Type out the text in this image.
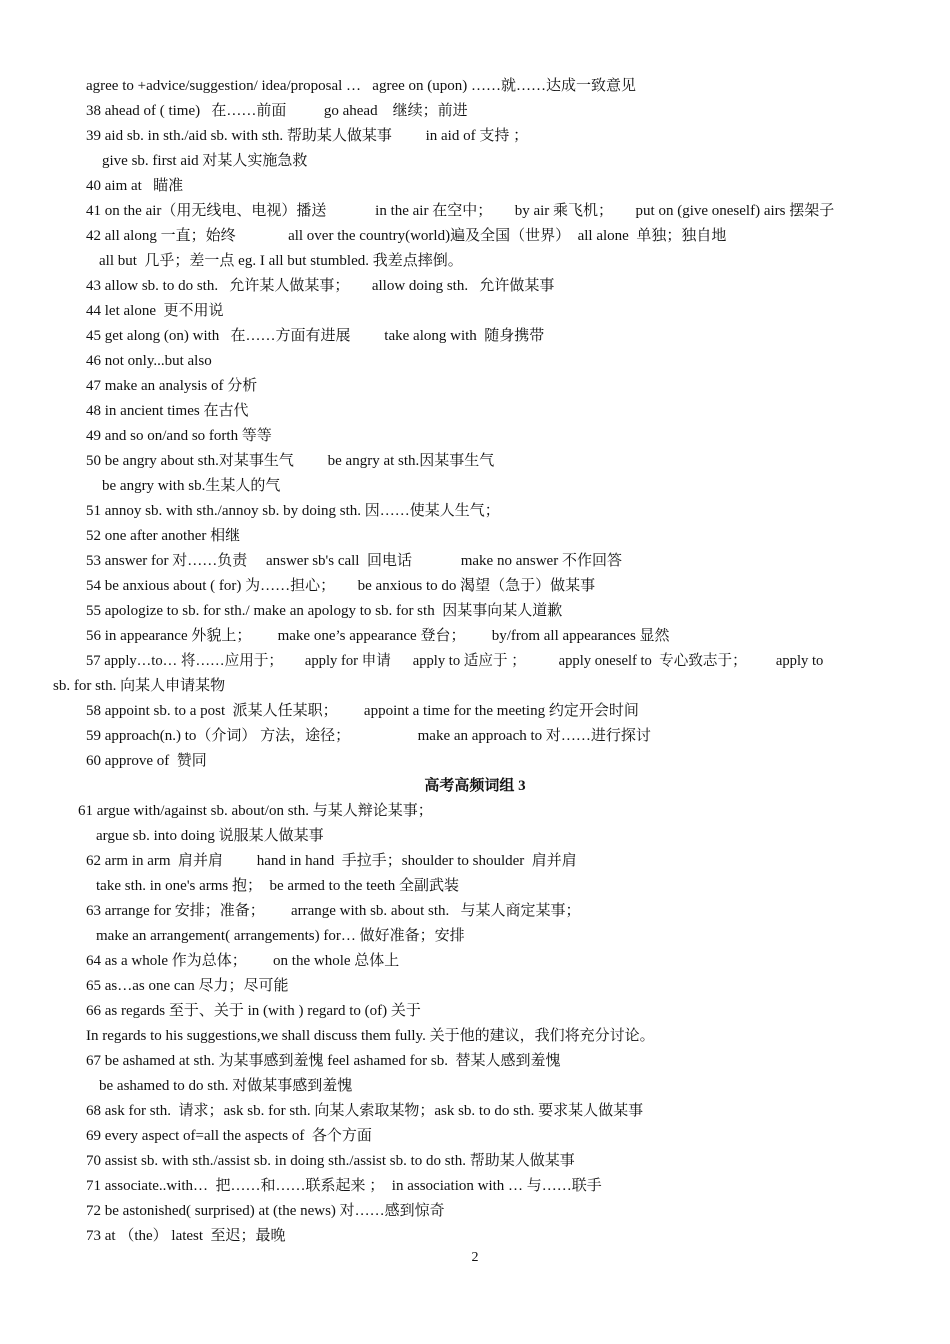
agree to +advice/suggestion/ idea/proposal …   agree on (upon) ……就……达成一致意见
38 ahead of ( time)   在……前面          go ahead    继续；前进
39 aid sb. in sth./aid sb. with sth. 帮助某人做某事         in aid of 支持 ；
give sb. first aid 对某人实施急救
40 aim at   瞄准
41 on the air（用无线电、电视）播送             in the air 在空中；      by air 乘飞机；      put on (give oneself) airs 摆架子
42 all along 一直；始终              all over the country(world)遍及全国（世界）  all alone  单独；独自地
all but  几乎；差一点 eg. I all but stumbled. 我差点摔倒。
43 allow sb. to do sth.   允许某人做某事；      allow doing sth.   允许做某事
44 let alone  更不用说
45 get along (on) with   在……方面有进展         take along with  随身携带
46 not only...but also
47 make an analysis of 分析
48 in ancient times 在古代
49 and so on/and so forth 等等
50 be angry about sth.对某事生气         be angry at sth.因某事生气
be angry with sb.生某人的气
51 annoy sb. with sth./annoy sb. by doing sth. 因……使某人生气；
52 one after another 相继
53 answer for 对……负责     answer sb's call  回电话             make no answer 不作回答
54 be anxious about ( for) 为……担心；      be anxious to do 渴望（急于）做某事
55 apologize to sb. for sth./ make an apology to sb. for sth  因某事向某人道歉
56 in appearance 外貌上；       make one’s appearance 登台；       by/from all appearances 显然
57 apply…to… 将……应用于；      apply for 申请      apply to 适应于 ；         apply oneself to  专心致志于；        apply to
sb. for sth. 向某人申请某物
58 appoint sb. to a post  派某人任某职；       appoint a time for the meeting 约定开会时间
59 approach(n.) to（介词） 方法，途径；                  make an approach to 对……进行探讨
60 approve of  赞同
高考高频词组 3
61 argue with/against sb. about/on sth. 与某人辩论某事；
argue sb. into doing 说服某人做某事
62 arm in arm  肩并肩         hand in hand  手拉手；shoulder to shoulder  肩并肩
take sth. in one's arms 抱；  be armed to the teeth 全副武装
63 arrange for 安排；准备；       arrange with sb. about sth.   与某人商定某事；
make an arrangement( arrangements) for… 做好准备；安排
64 as a whole 作为总体；       on the whole 总体上
65 as…as one can 尽力；尽可能
66 as regards 至于、关于 in (with ) regard to (of) 关于
In regards to his suggestions,we shall discuss them fully. 关于他的建议，我们将充分讨论。
67 be ashamed at sth. 为某事感到羞愧 feel ashamed for sb.  替某人感到羞愧
be ashamed to do sth. 对做某事感到羞愧
68 ask for sth.  请求；ask sb. for sth. 向某人索取某物；ask sb. to do sth. 要求某人做某事
69 every aspect of=all the aspects of  各个方面
70 assist sb. with sth./assist sb. in doing sth./assist sb. to do sth. 帮助某人做某事
71 associate..with…  把……和……联系起来 ；  in association with … 与……联手
72 be astonished( surprised) at (the news) 对……感到惊奇
73 at （the） latest  至迟；最晚
2
